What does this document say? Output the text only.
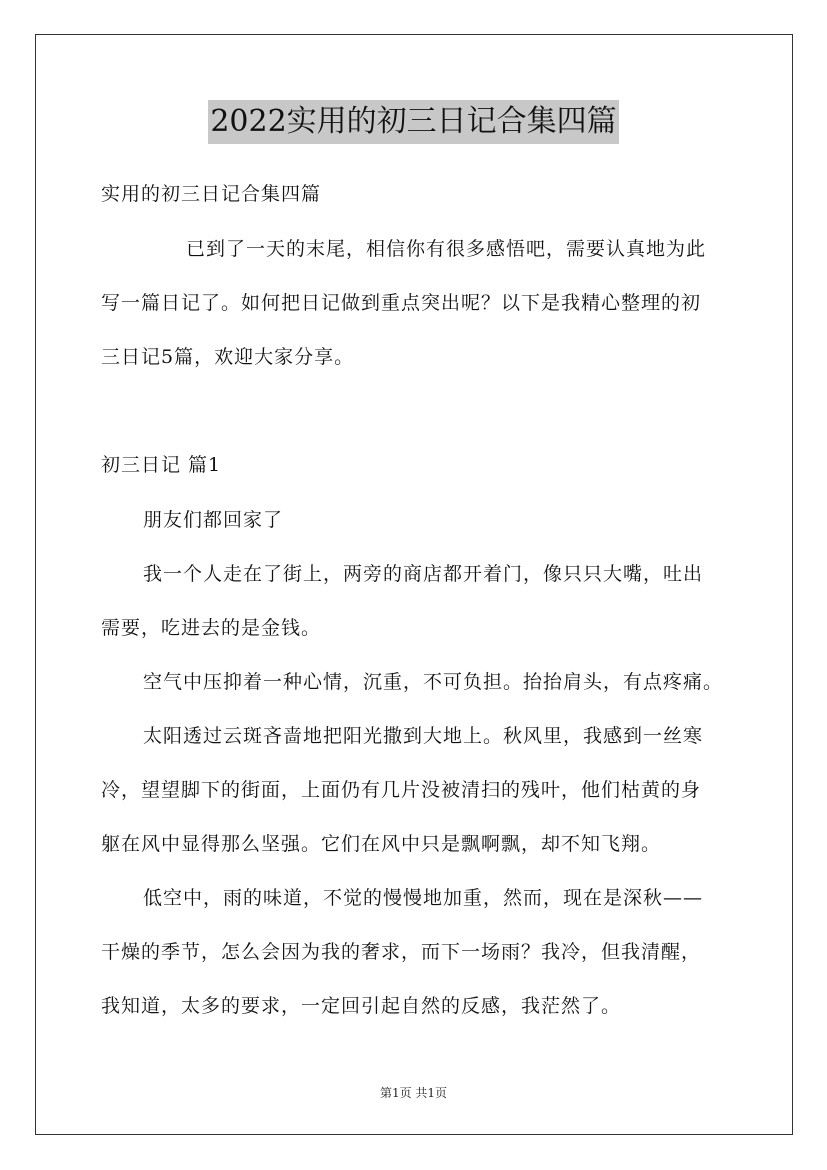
2022实用的初三日记合集四篇
实用的初三日记合集四篇
已到了一天的末尾，相信你有很多感悟吧，需要认真地为此
写一篇日记了。如何把日记做到重点突出呢？以下是我精心整理的初
三日记5篇，欢迎大家分享。
初三日记 篇1
朋友们都回家了
我一个人走在了街上，两旁的商店都开着门，像只只大嘴，吐出
需要，吃进去的是金钱。
空气中压抑着一种心情，沉重，不可负担。抬抬肩头，有点疼痛。
太阳透过云斑吝啬地把阳光撒到大地上。秋风里，我感到一丝寒
冷，望望脚下的街面，上面仍有几片没被清扫的残叶，他们枯黄的身
躯在风中显得那么坚强。它们在风中只是飘啊飘，却不知飞翔。
低空中，雨的味道，不觉的慢慢地加重，然而，现在是深秋——
干燥的季节，怎么会因为我的奢求，而下一场雨？我冷，但我清醒，
我知道，太多的要求，一定回引起自然的反感，我茫然了。
第1页 共1页
